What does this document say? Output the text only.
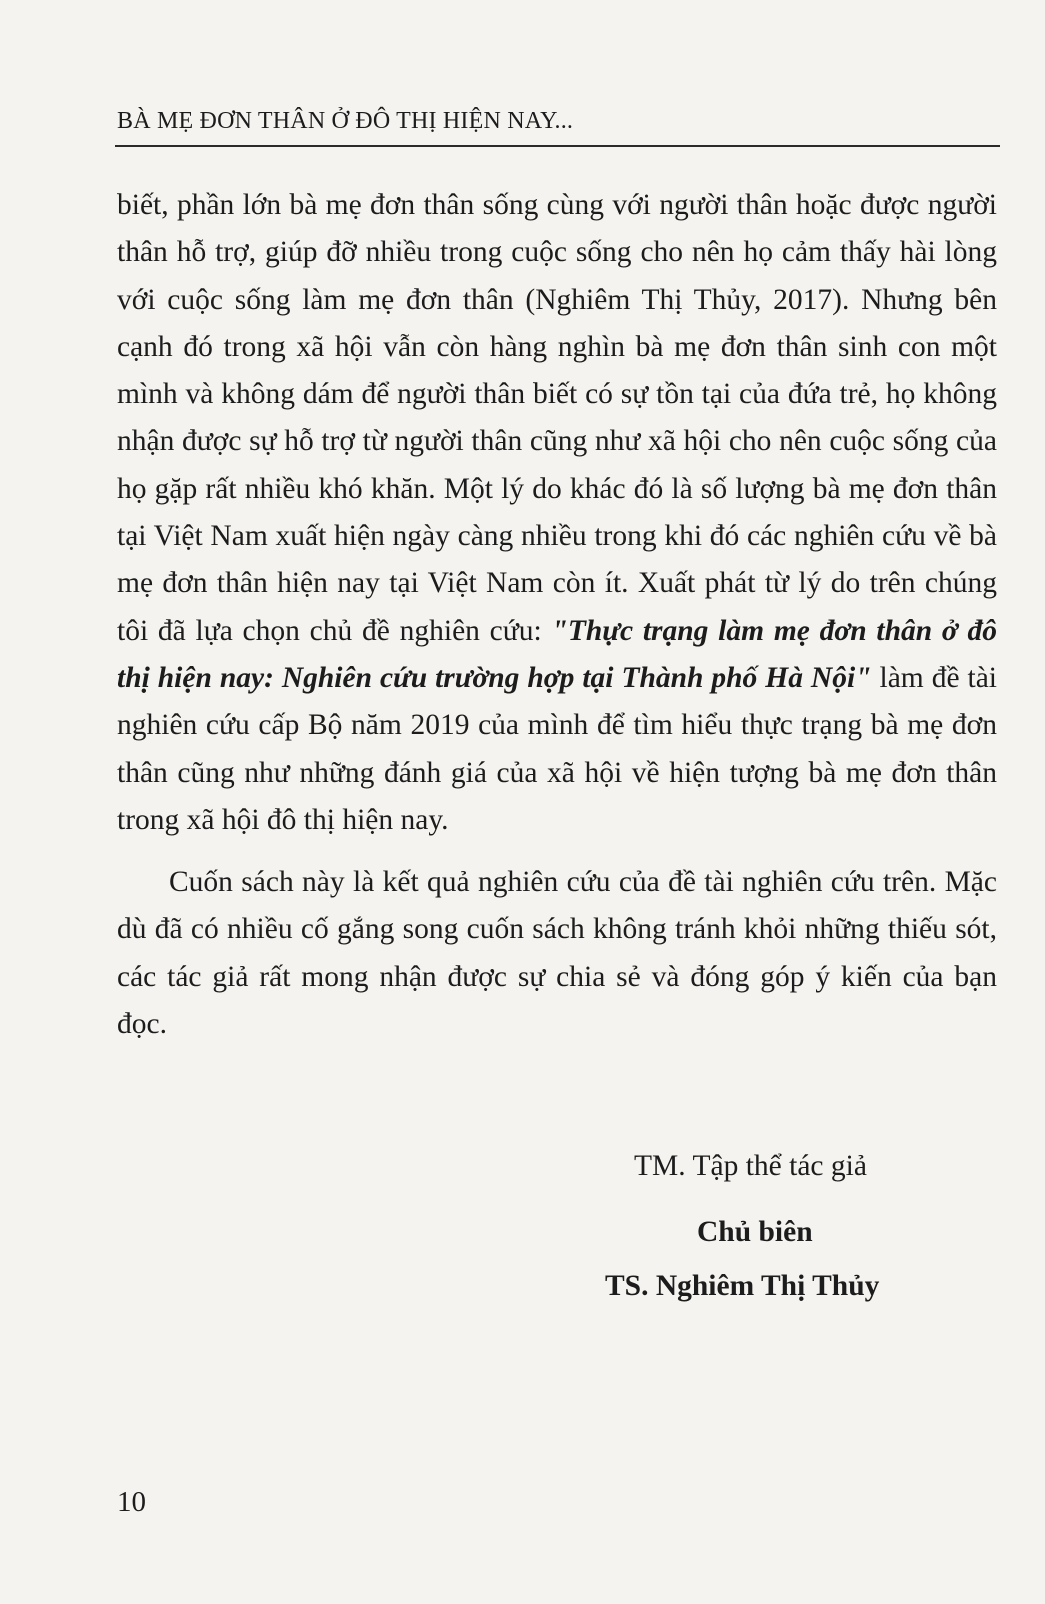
BÀ MẸ ĐƠN THÂN Ở ĐÔ THỊ HIỆN NAY...

biết, phần lớn bà mẹ đơn thân sống cùng với người thân hoặc được người thân hỗ trợ, giúp đỡ nhiều trong cuộc sống cho nên họ cảm thấy hài lòng với cuộc sống làm mẹ đơn thân (Nghiêm Thị Thủy, 2017). Nhưng bên cạnh đó trong xã hội vẫn còn hàng nghìn bà mẹ đơn thân sinh con một mình và không dám để người thân biết có sự tồn tại của đứa trẻ, họ không nhận được sự hỗ trợ từ người thân cũng như xã hội cho nên cuộc sống của họ gặp rất nhiều khó khăn. Một lý do khác đó là số lượng bà mẹ đơn thân tại Việt Nam xuất hiện ngày càng nhiều trong khi đó các nghiên cứu về bà mẹ đơn thân hiện nay tại Việt Nam còn ít. Xuất phát từ lý do trên chúng tôi đã lựa chọn chủ đề nghiên cứu: "Thực trạng làm mẹ đơn thân ở đô thị hiện nay: Nghiên cứu trường hợp tại Thành phố Hà Nội" làm đề tài nghiên cứu cấp Bộ năm 2019 của mình để tìm hiểu thực trạng bà mẹ đơn thân cũng như những đánh giá của xã hội về hiện tượng bà mẹ đơn thân trong xã hội đô thị hiện nay.

Cuốn sách này là kết quả nghiên cứu của đề tài nghiên cứu trên. Mặc dù đã có nhiều cố gắng song cuốn sách không tránh khỏi những thiếu sót, các tác giả rất mong nhận được sự chia sẻ và đóng góp ý kiến của bạn đọc.

TM. Tập thể tác giả
Chủ biên
TS. Nghiêm Thị Thủy
10
